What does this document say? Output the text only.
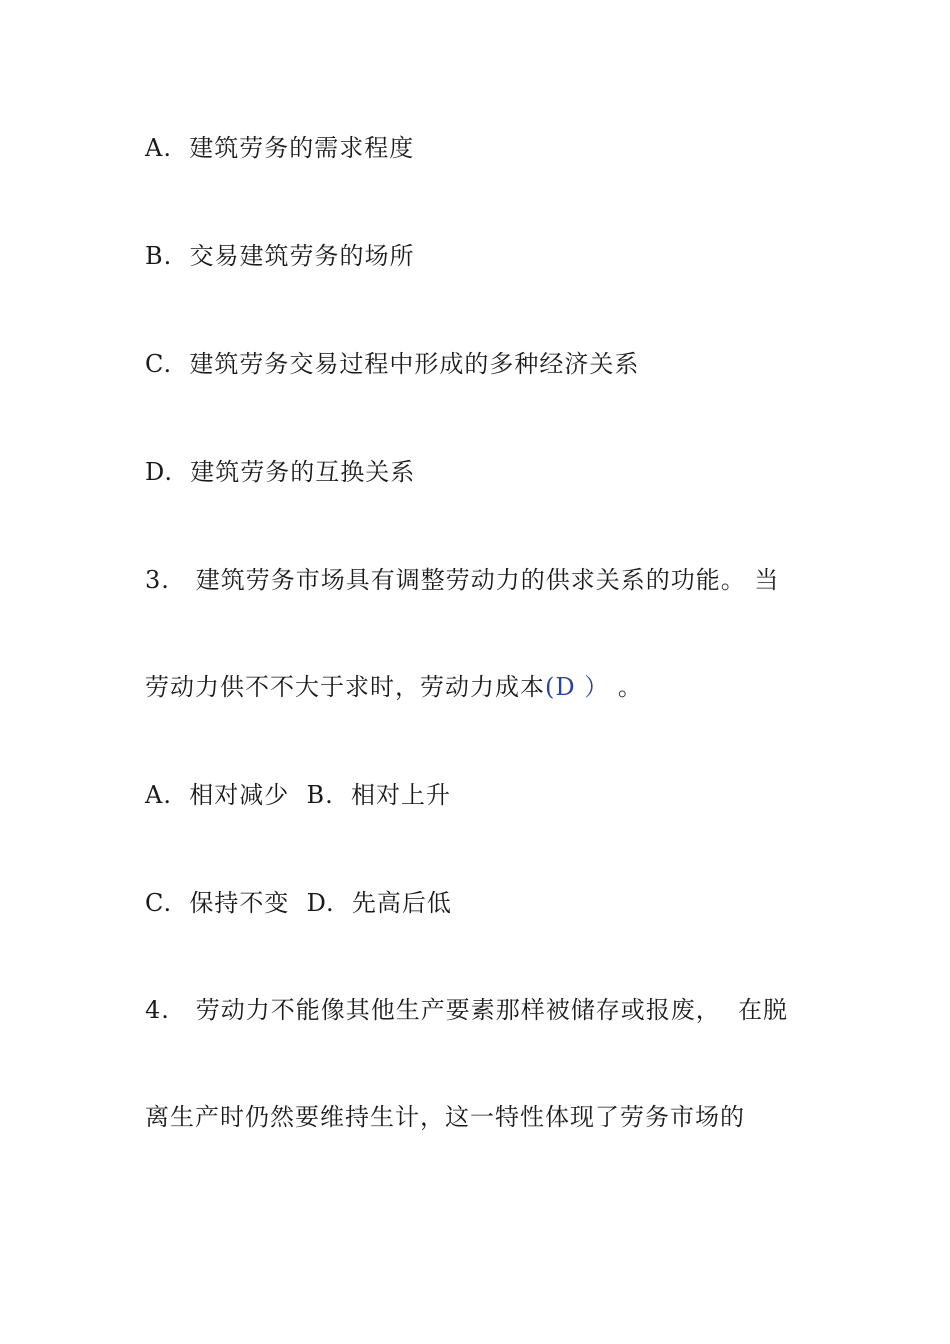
A.  建筑劳务的需求程度
B.  交易建筑劳务的场所
C.  建筑劳务交易过程中形成的多种经济关系
D.  建筑劳务的互换关系
3.   建筑劳务市场具有调整劳动力的供求关系的功能。 当
劳动力供不不大于求时，劳动力成本(D ） 。
A.  相对减少  B.  相对上升
C.  保持不变  D.  先高后低
4.   劳动力不能像其他生产要素那样被储存或报废，  在脱
离生产时仍然要维持生计，这一特性体现了劳务市场的
